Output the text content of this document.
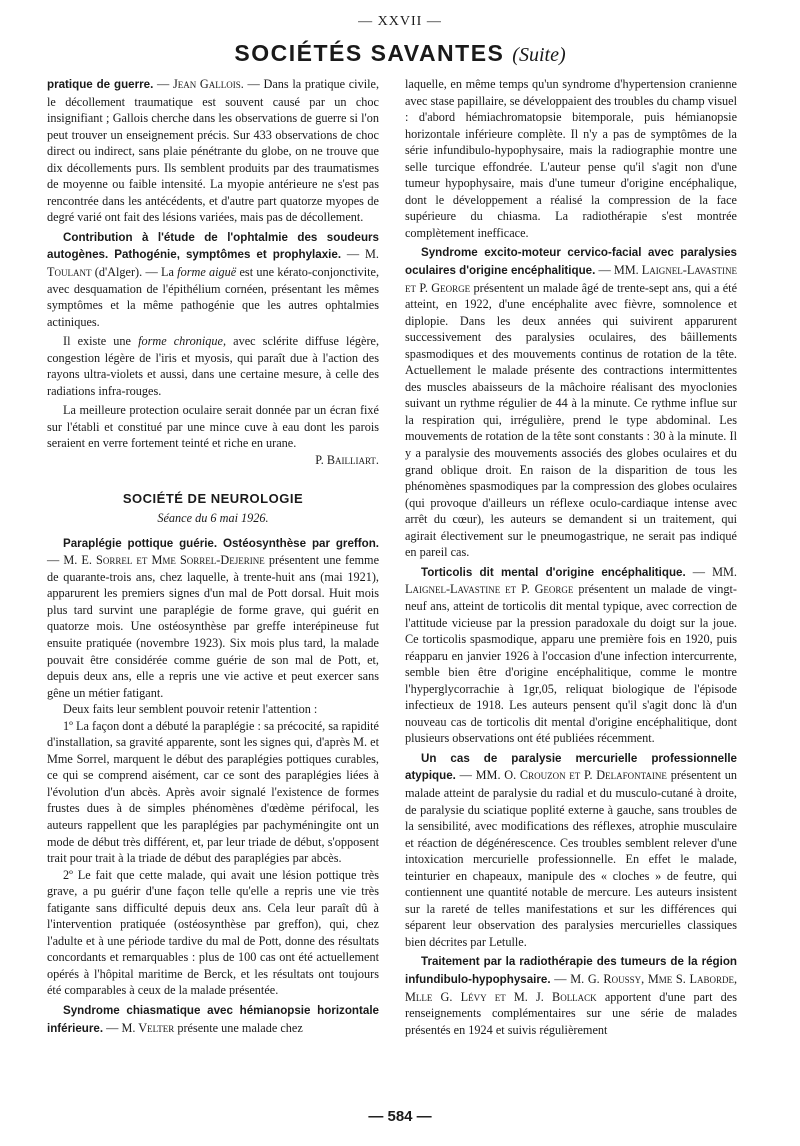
— XXVII —
SOCIÉTÉS SAVANTES (Suite)

pratique de guerre. — Jean Gallois. — Dans la pratique civile, le décollement traumatique est souvent causé par un choc insignifiant ; Gallois cherche dans les observations de guerre si l'on peut trouver un enseignement précis. Sur 433 observations de choc direct ou indirect, sans plaie pénétrante du globe, on ne trouve que dix décollements purs. Ils semblent produits par des traumatismes de moyenne ou faible intensité. La myopie antérieure ne s'est pas rencontrée dans les antécédents, et d'autre part quatorze myopes de degré varié ont fait des lésions variées, mais pas de décollement.

Contribution à l'étude de l'ophtalmie des soudeurs autogènes. Pathogénie, symptômes et prophylaxie. — M. Toulant (d'Alger). — La forme aiguë est une kérato-conjonctivite, avec desquamation de l'épithélium cornéen, présentant les mêmes symptômes et la même pathogénie que les autres ophtalmies actiniques.

Il existe une forme chronique, avec sclérite diffuse légère, congestion légère de l'iris et myosis, qui paraît due à l'action des rayons ultra-violets et aussi, dans une certaine mesure, à celle des radiations infra-rouges.

La meilleure protection oculaire serait donnée par un écran fixé sur l'établi et constitué par une mince cuve à eau dont les parois seraient en verre fortement teinté et riche en urane.

P. Bailliart.
SOCIÉTÉ DE NEUROLOGIE
Séance du 6 mai 1926.

Paraplégie pottique guérie. Ostéosynthèse par greffon. — M. E. Sorrel et Mme Sorrel-Dejerine présentent une femme de quarante-trois ans, chez laquelle, à trente-huit ans (mai 1921), apparurent les premiers signes d'un mal de Pott dorsal. Huit mois plus tard survint une paraplégie de forme grave, qui guérit en quatorze mois. Une ostéosynthèse par greffe interépineuse fut ensuite pratiquée (novembre 1923). Six mois plus tard, la malade pouvait être considérée comme guérie de son mal de Pott, et, depuis deux ans, elle a repris une vie active et peut exercer sans gêne un métier fatigant.

Deux faits leur semblent pouvoir retenir l'attention :

1º La façon dont a débuté la paraplégie : sa précocité, sa rapidité d'installation, sa gravité apparente, sont les signes qui, d'après M. et Mme Sorrel, marquent le début des paraplégies pottiques curables, ce qui se comprend aisément, car ce sont des paraplégies liées à l'évolution d'un abcès. Après avoir signalé l'existence de formes frustes dues à de simples phénomènes d'œdème périfocal, les auteurs rappellent que les paraplégies par pachyméningite ont un mode de début très différent, et, par leur triade de début, s'opposent trait pour trait à la triade de début des paraplégies par abcès.

2º Le fait que cette malade, qui avait une lésion pottique très grave, a pu guérir d'une façon telle qu'elle a repris une vie très fatigante sans difficulté depuis deux ans. Cela leur paraît dû à l'intervention pratiquée (ostéosynthèse par greffon), qui, chez l'adulte et à une période tardive du mal de Pott, donne des résultats concordants et remarquables : plus de 100 cas ont été actuellement opérés à l'hôpital maritime de Berck, et les résultats ont toujours été comparables à ceux de la malade présentée.

Syndrome chiasmatique avec hémianopsie horizontale inférieure. — M. Velter présente une malade chez

laquelle, en même temps qu'un syndrome d'hypertension cranienne avec stase papillaire, se développaient des troubles du champ visuel : d'abord hémiachromatopsie bitemporale, puis hémianopsie horizontale inférieure complète. Il n'y a pas de symptômes de la série infundibulo-hypophysaire, mais la radiographie montre une selle turcique effondrée. L'auteur pense qu'il s'agit non d'une tumeur hypophysaire, mais d'une tumeur d'origine encéphalique, dont le développement a réalisé la compression de la face supérieure du chiasma. La radiothérapie s'est montrée complètement inefficace.

Syndrome excito-moteur cervico-facial avec paralysies oculaires d'origine encéphalitique. — MM. Laignel-Lavastine et P. George présentent un malade âgé de trente-sept ans, qui a été atteint, en 1922, d'une encéphalite avec fièvre, somnolence et diplopie. Dans les deux années qui suivirent apparurent successivement des paralysies oculaires, des bâillements spasmodiques et des mouvements continus de rotation de la tête. Actuellement le malade présente des contractions intermittentes des muscles abaisseurs de la mâchoire réalisant des myoclonies suivant un rythme régulier de 44 à la minute. Ce rythme influe sur la respiration qui, irrégulière, prend le type abdominal. Les mouvements de rotation de la tête sont constants : 30 à la minute. Il y a paralysie des mouvements associés des globes oculaires et du grand oblique droit. En raison de la disparition de tous les phénomènes spasmodiques par la compression des globes oculaires (qui provoque d'ailleurs un réflexe oculo-cardiaque intense avec arrêt du cœur), les auteurs se demandent si un traitement, qui agirait électivement sur le pneumogastrique, ne serait pas indiqué en pareil cas.

Torticolis dit mental d'origine encéphalitique. — MM. Laignel-Lavastine et P. George présentent un malade de vingt-neuf ans, atteint de torticolis dit mental typique, avec correction de l'attitude vicieuse par la pression paradoxale du doigt sur la joue. Ce torticolis spasmodique, apparu une première fois en 1920, puis réapparu en janvier 1926 à l'occasion d'une infection intercurrente, semble bien être d'origine encéphalitique, comme le montre l'hyperglycorrachie à 1gr,05, reliquat biologique de l'épisode infectieux de 1918. Les auteurs pensent qu'il s'agit donc là d'un nouveau cas de torticolis dit mental d'origine encéphalitique, dont plusieurs observations ont été publiées récemment.

Un cas de paralysie mercurielle professionnelle atypique. — MM. O. Crouzon et P. Delafontaine présentent un malade atteint de paralysie du radial et du musculo-cutané à droite, de paralysie du sciatique poplité externe à gauche, sans troubles de la sensibilité, avec modifications des réflexes, atrophie musculaire et réaction de dégénérescence. Ces troubles semblent relever d'une intoxication mercurielle professionnelle. En effet le malade, teinturier en chapeaux, manipule des « cloches » de feutre, qui contiennent une quantité notable de mercure. Les auteurs insistent sur la rareté de telles manifestations et sur les différences qui séparent leur observation des paralysies mercurielles classiques bien décrites par Letulle.

Traitement par la radiothérapie des tumeurs de la région infundibulo-hypophysaire. — M. G. Roussy, Mme S. Laborde, Mlle G. Lévy et M. J. Bollack apportent d'une part des renseignements complémentaires sur une série de malades présentés en 1924 et suivis régulièrement

— 584 —
